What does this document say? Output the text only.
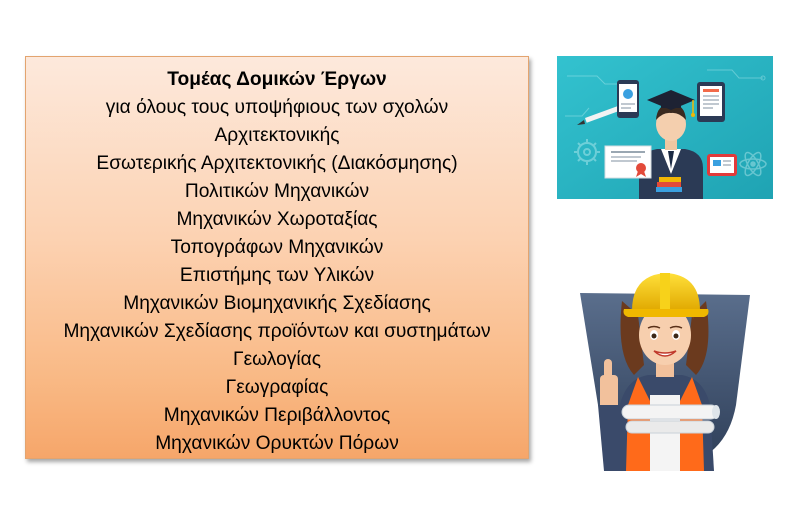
Τομέας Δομικών Έργων
για όλους τους υποψήφιους των σχολών
Αρχιτεκτονικής
Εσωτερικής Αρχιτεκτονικής (Διακόσμησης)
Πολιτικών Μηχανικών
Μηχανικών Χωροταξίας
Τοπογράφων Μηχανικών
Επιστήμης των Υλικών
Μηχανικών Βιομηχανικής Σχεδίασης
Μηχανικών Σχεδίασης προϊόντων και συστημάτων
Γεωλογίας
Γεωγραφίας
Μηχανικών Περιβάλλοντος
Μηχανικών Ορυκτών Πόρων
